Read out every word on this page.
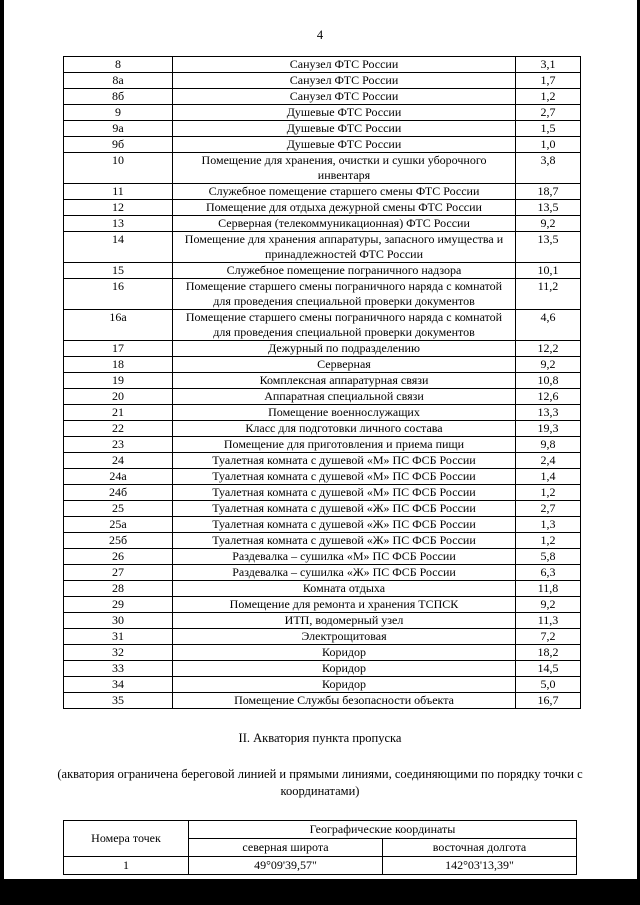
4
8	Санузел ФТС России	3,1
8а	Санузел ФТС России	1,7
8б	Санузел ФТС России	1,2
9	Душевые ФТС России	2,7
9а	Душевые ФТС России	1,5
9б	Душевые ФТС России	1,0
10	Помещение для хранения, очистки и сушки уборочного инвентаря	3,8
11	Служебное помещение старшего смены ФТС России	18,7
12	Помещение для отдыха дежурной смены ФТС России	13,5
13	Серверная (телекоммуникационная) ФТС России	9,2
14	Помещение для хранения аппаратуры, запасного имущества и принадлежностей ФТС России	13,5
15	Служебное помещение пограничного надзора	10,1
16	Помещение старшего смены пограничного наряда с комнатой для проведения специальной проверки документов	11,2
16а	Помещение старшего смены пограничного наряда с комнатой для проведения специальной проверки документов	4,6
17	Дежурный по подразделению	12,2
18	Серверная	9,2
19	Комплексная аппаратурная связи	10,8
20	Аппаратная специальной связи	12,6
21	Помещение военнослужащих	13,3
22	Класс для подготовки личного состава	19,3
23	Помещение для приготовления и приема пищи	9,8
24	Туалетная комната с душевой «М» ПС ФСБ России	2,4
24а	Туалетная комната с душевой «М» ПС ФСБ России	1,4
24б	Туалетная комната с душевой «М» ПС ФСБ России	1,2
25	Туалетная комната с душевой «Ж» ПС ФСБ России	2,7
25а	Туалетная комната с душевой «Ж» ПС ФСБ России	1,3
25б	Туалетная комната с душевой «Ж» ПС ФСБ России	1,2
26	Раздевалка – сушилка «М» ПС ФСБ России	5,8
27	Раздевалка – сушилка «Ж» ПС ФСБ России	6,3
28	Комната отдыха	11,8
29	Помещение для ремонта и хранения ТСПСК	9,2
30	ИТП, водомерный узел	11,3
31	Электрощитовая	7,2
32	Коридор	18,2
33	Коридор	14,5
34	Коридор	5,0
35	Помещение Службы безопасности объекта	16,7
II. Акватория пункта пропуска
(акватория ограничена береговой линией и прямыми линиями, соединяющими по порядку точки с координатами)
Номера точек	Географические координаты	
	северная широта	восточная долгота
1	49°09'39,57"	142°03'13,39"
